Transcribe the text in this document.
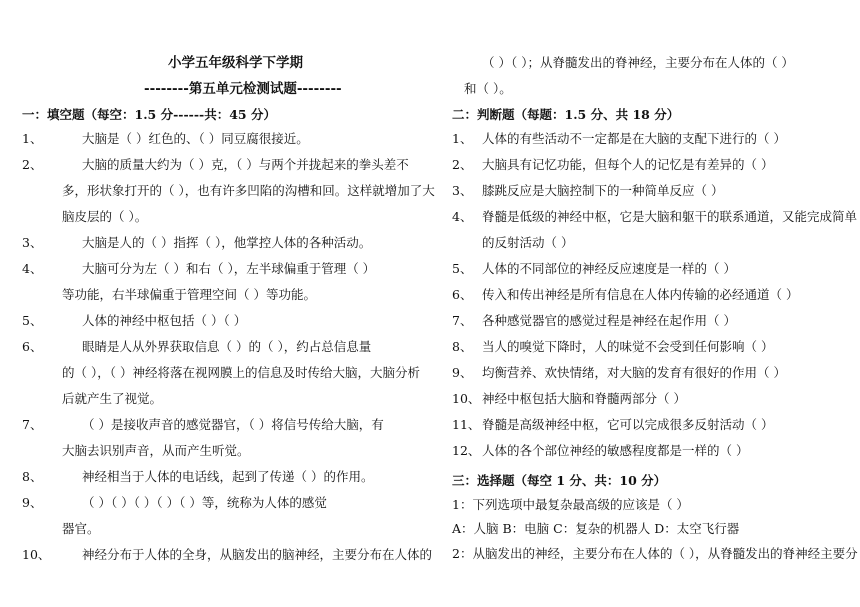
小学五年级科学下学期
--------第五单元检测试题--------
一：填空题（每空：1.5 分------共：45 分）
1、	大脑是（ ）红色的、（ ）同豆腐很接近。
2、	大脑的质量大约为（ ）克，（ ）与两个并拢起来的拳头差不
多，形状象打开的（ ），也有许多凹陷的沟槽和回。这样就增加了大
脑皮层的（ ）。
3、	大脑是人的（ ）指挥（ ），他掌控人体的各种活动。
4、	大脑可分为左（ ）和右（ ），左半球偏重于管理（ ）
等功能，右半球偏重于管理空间（ ）等功能。
5、	人体的神经中枢包括（ ）（ ）
6、	眼睛是人从外界获取信息（ ）的（ ），约占总信息量
的（ ），（ ）神经将落在视网膜上的信息及时传给大脑，大脑分析
后就产生了视觉。
7、	（ ）是接收声音的感觉器官，（ ）将信号传给大脑，有
大脑去识别声音，从而产生听觉。
8、	神经相当于人体的电话线，起到了传递（ ）的作用。
9、	（ ）（ ）（ ）（ ）（ ）等，统称为人体的感觉
器官。
10、	神经分布于人体的全身，从脑发出的脑神经，主要分布在人体的
（ ）（ ）；从脊髓发出的脊神经，主要分布在人体的（ ）
和（ ）。
二：判断题（每题：1.5 分、共 18 分）
1、 人体的有些活动不一定都是在大脑的支配下进行的（ ）
2、 大脑具有记忆功能，但每个人的记忆是有差异的（ ）
3、 膝跳反应是大脑控制下的一种简单反应（ ）
4、 脊髓是低级的神经中枢，它是大脑和躯干的联系通道，又能完成简单
的反射活动（ ）
5、 人体的不同部位的神经反应速度是一样的（ ）
6、 传入和传出神经是所有信息在人体内传输的必经通道（ ）
7、 各种感觉器官的感觉过程是神经在起作用（ ）
8、 当人的嗅觉下降时，人的味觉不会受到任何影响（ ）
9、 均衡营养、欢快情绪，对大脑的发育有很好的作用（ ）
10、 神经中枢包括大脑和脊髓两部分（ ）
11、 脊髓是高级神经中枢，它可以完成很多反射活动（ ）
12、 人体的各个部位神经的敏感程度都是一样的（ ）
三：选择题（每空 1 分、共：10 分）
1：下列选项中最复杂最高级的应该是（ ）
A：人脑 B：电脑 C：复杂的机器人 D：太空飞行器
2：从脑发出的神经，主要分布在人体的（ ），从脊髓发出的脊神经主要分
